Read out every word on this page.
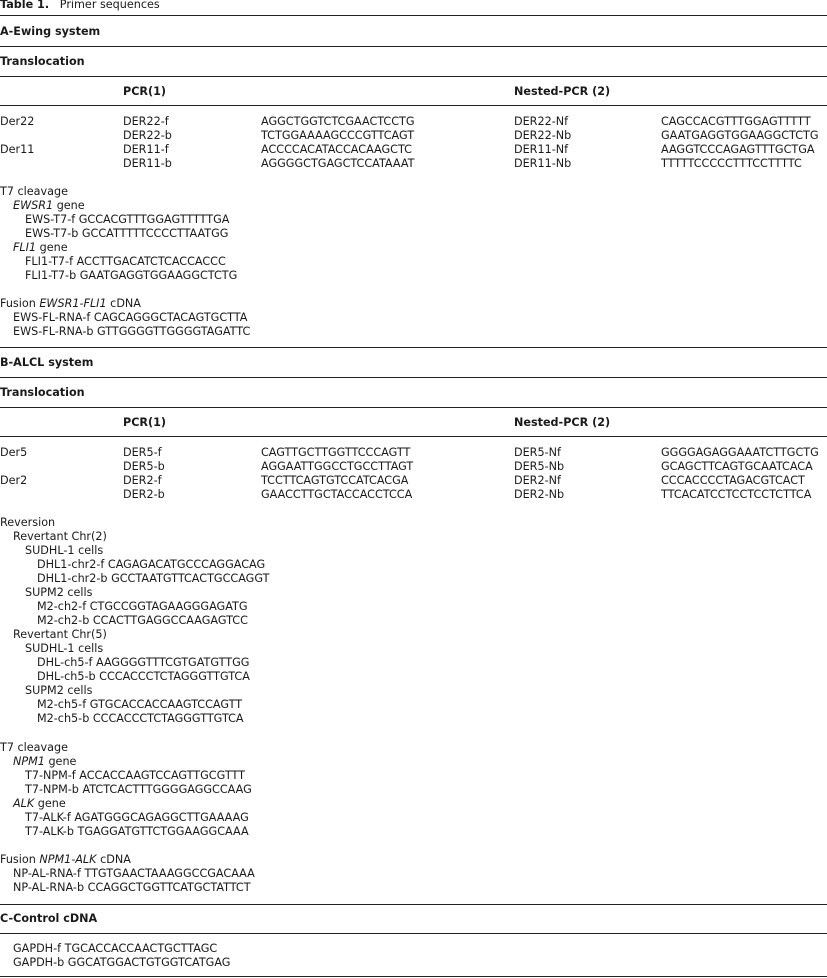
Table 1. Primer sequences
A-Ewing system
Translocation
PCR(1)	Nested-PCR (2)
Der22	DER22-f	AGGCTGGTCTCGAACTCCTG	DER22-Nf	CAGCCACGTTTGGAGTTTTT
DER22-b	TCTGGAAAAGCCCGTTCAGT	DER22-Nb	GAATGAGGTGGAAGGCTCTG
Der11	DER11-f	ACCCCACATACCACAAGCTC	DER11-Nf	AAGGTCCCAGAGTTTGCTGA
DER11-b	AGGGGCTGAGCTCCATAAAT	DER11-Nb	TTTTTCCCCCTTTCCTTTTC
T7 cleavage
EWSR1 gene
EWS-T7-f GCCACGTTTGGAGTTTTTGA
EWS-T7-b GCCATTTTTCCCCTTAATGG
FLI1 gene
FLI1-T7-f ACCTTGACATCTCACCACCC
FLI1-T7-b GAATGAGGTGGAAGGCTCTG
Fusion EWSR1-FLI1 cDNA
EWS-FL-RNA-f CAGCAGGGCTACAGTGCTTA
EWS-FL-RNA-b GTTGGGGTTGGGGTAGATTC
B-ALCL system
Translocation
PCR(1)	Nested-PCR (2)
Der5	DER5-f	CAGTTGCTTGGTTCCCAGTT	DER5-Nf	GGGGAGAGGAAATCTTGCTG
DER5-b	AGGAATTGGCCTGCCTTAGT	DER5-Nb	GCAGCTTCAGTGCAATCACA
Der2	DER2-f	TCCTTCAGTGTCCATCACGA	DER2-Nf	CCCACCCCTAGACGTCACT
DER2-b	GAACCTTGCTACCACCTCCA	DER2-Nb	TTCACATCCTCCTCCTCTTCA
Reversion
Revertant Chr(2)
SUDHL-1 cells
DHL1-chr2-f CAGAGACATGCCCAGGACAG
DHL1-chr2-b GCCTAATGTTCACTGCCAGGT
SUPM2 cells
M2-ch2-f CTGCCGGTAGAAGGGAGATG
M2-ch2-b CCACTTGAGGCCAAGAGTCC
Revertant Chr(5)
SUDHL-1 cells
DHL-ch5-f AAGGGGTTTCGTGATGTTGG
DHL-ch5-b CCCACCCTCTAGGGTTGTCA
SUPM2 cells
M2-ch5-f GTGCACCACCAAGTCCAGTT
M2-ch5-b CCCACCCTCTAGGGTTGTCA
T7 cleavage
NPM1 gene
T7-NPM-f ACCACCAAGTCCAGTTGCGTTT
T7-NPM-b ATCTCACTTTGGGGAGGCCAAG
ALK gene
T7-ALK-f AGATGGGCAGAGGCTTGAAAAG
T7-ALK-b TGAGGATGTTCTGGAAGGCAAA
Fusion NPM1-ALK cDNA
NP-AL-RNA-f TTGTGAACTAAAGGCCGACAAA
NP-AL-RNA-b CCAGGCTGGTTCATGCTATTCT
C-Control cDNA
GAPDH-f TGCACCACCAACTGCTTAGC
GAPDH-b GGCATGGACTGTGGTCATGAG
